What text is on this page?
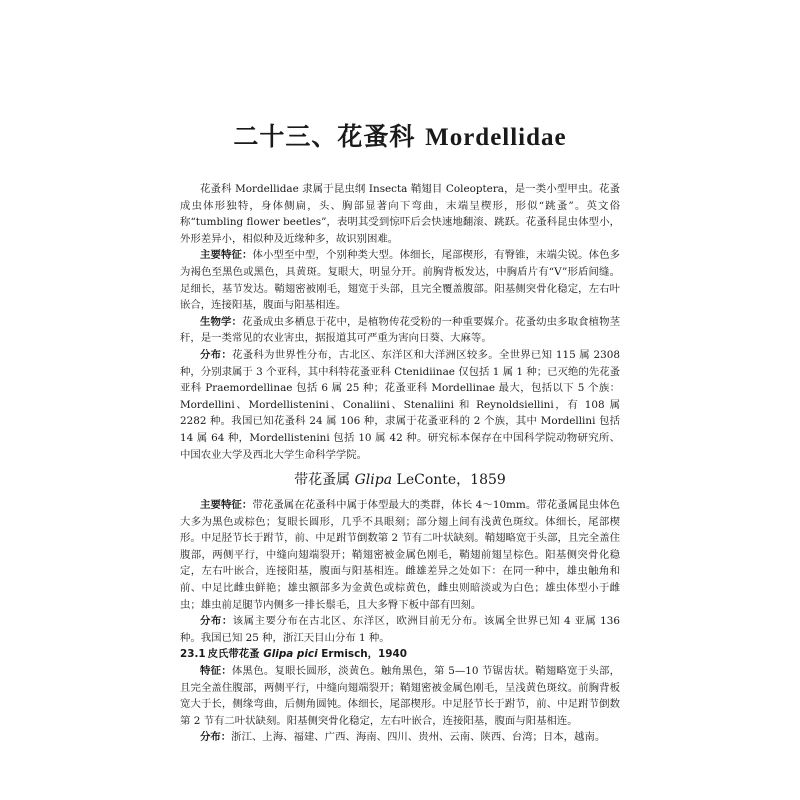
二十三、花蚤科 Mordellidae

花蚤科 Mordellidae 隶属于昆虫纲 Insecta 鞘翅目 Coleoptera，是一类小型甲虫。花蚤成虫体形独特，身体侧扁，头、胸部显著向下弯曲，末端呈楔形，形似“跳蚤”。英文俗称“tumbling flower beetles”，表明其受到惊吓后会快速地翻滚、跳跃。花蚤科昆虫体型小，外形差异小，相似种及近缘种多，故识别困难。

主要特征：体小型至中型，个别种类大型。体细长，尾部楔形，有臀锥，末端尖锐。体色多为褐色至黑色或黑色，具黄斑。复眼大，明显分开。前胸背板发达，中胸盾片有“V”形盾间缝。足细长，基节发达。鞘翅密被刚毛，翅宽于头部，且完全覆盖腹部。阳基侧突骨化稳定，左右叶嵌合，连接阳基，腹面与阳基相连。

生物学：花蚤成虫多栖息于花中，是植物传花受粉的一种重要媒介。花蚤幼虫多取食植物茎秆，是一类常见的农业害虫，据报道其可严重为害向日葵、大麻等。

分布：花蚤科为世界性分布，古北区、东洋区和大洋洲区较多。全世界已知 115 属 2308 种，分别隶属于 3 个亚科，其中科特花蚤亚科 Ctenidiinae 仅包括 1 属 1 种；已灭绝的先花蚤亚科 Praemordellinae 包括 6 属 25 种；花蚤亚科 Mordellinae 最大，包括以下 5 个族：Mordellini、Mordellistenini、Conaliini、Stenaliini 和 Reynoldsiellini，有 108 属 2282 种。我国已知花蚤科 24 属 106 种，隶属于花蚤亚科的 2 个族，其中 Mordellini 包括 14 属 64 种，Mordellistenini 包括 10 属 42 种。研究标本保存在中国科学院动物研究所、中国农业大学及西北大学生命科学学院。

带花蚤属 Glipa LeConte，1859

主要特征：带花蚤属在花蚤科中属于体型最大的类群，体长 4～10mm。带花蚤属昆虫体色大多为黑色或棕色；复眼长圆形，几乎不具眼刻；部分翅上间有浅黄色斑纹。体细长，尾部楔形。中足胫节长于跗节，前、中足跗节倒数第 2 节有二叶状缺刻。鞘翅略宽于头部，且完全盖住腹部，两侧平行，中缝向翅端裂开；鞘翅密被金属色刚毛，鞘翅前翅呈棕色。阳基侧突骨化稳定，左右叶嵌合，连接阳基，腹面与阳基相连。雌雄差异之处如下：在同一种中，雄虫触角和前、中足比雌虫鲜艳；雄虫额部多为金黄色或棕黄色，雌虫则暗淡或为白色；雄虫体型小于雌虫；雄虫前足腿节内侧多一排长鬃毛，且大多臀下板中部有凹刻。

分布：该属主要分布在古北区、东洋区，欧洲目前无分布。该属全世界已知 4 亚属 136 种。我国已知 25 种，浙江天目山分布 1 种。

23.1 皮氏带花蚤 Glipa pici Ermisch，1940

特征：体黑色。复眼长圆形，淡黄色。触角黑色，第 5—10 节锯齿状。鞘翅略宽于头部，且完全盖住腹部，两侧平行，中缝向翅端裂开；鞘翅密被金属色刚毛，呈浅黄色斑纹。前胸背板宽大于长，侧缘弯曲，后侧角圆钝。体细长，尾部楔形。中足胫节长于跗节，前、中足跗节倒数第 2 节有二叶状缺刻。阳基侧突骨化稳定，左右叶嵌合，连接阳基，腹面与阳基相连。

分布：浙江、上海、福建、广西、海南、四川、贵州、云南、陕西、台湾；日本，越南。
